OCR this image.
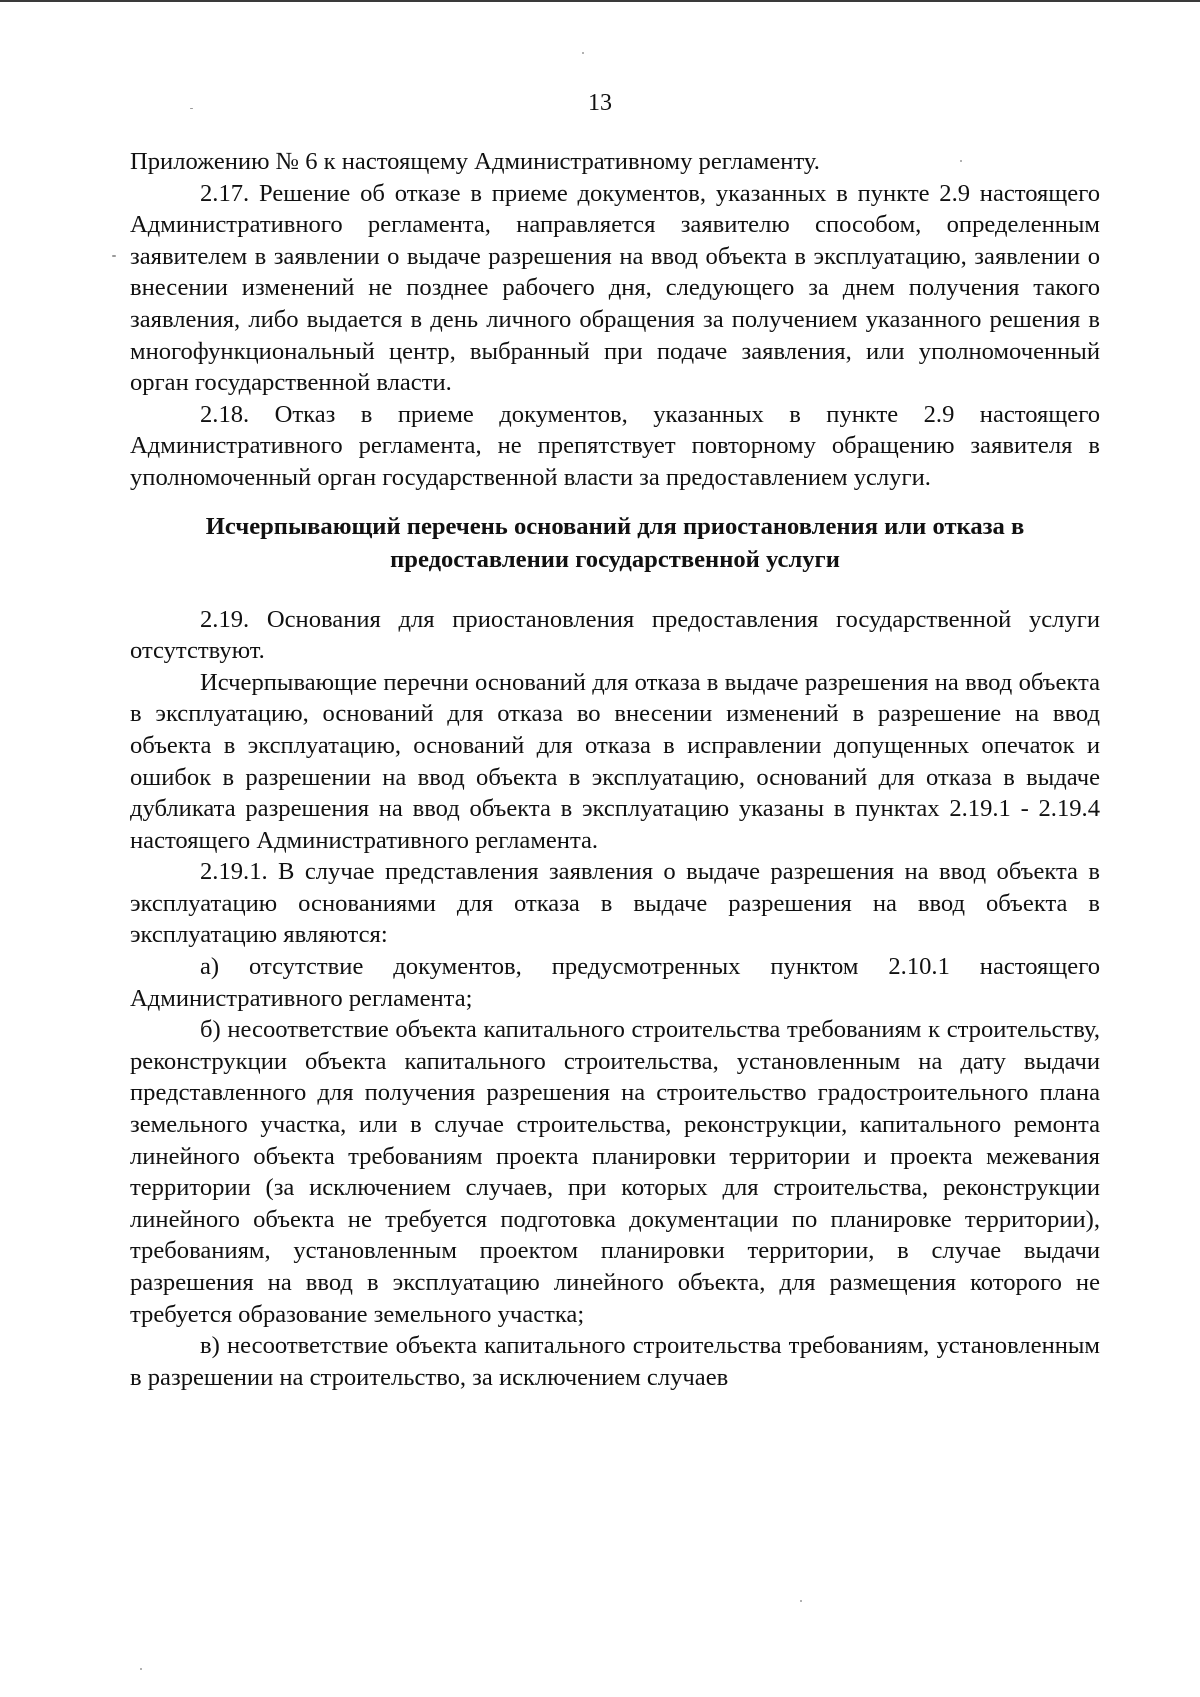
13

Приложению № 6 к настоящему Административному регламенту.

2.17. Решение об отказе в приеме документов, указанных в пункте 2.9 настоящего Административного регламента, направляется заявителю способом, определенным заявителем в заявлении о выдаче разрешения на ввод объекта в эксплуатацию, заявлении о внесении изменений не позднее рабочего дня, следующего за днем получения такого заявления, либо выдается в день личного обращения за получением указанного решения в многофункциональный центр, выбранный при подаче заявления, или уполномоченный орган государственной власти.

2.18. Отказ в приеме документов, указанных в пункте 2.9 настоящего Административного регламента, не препятствует повторному обращению заявителя в уполномоченный орган государственной власти за предоставлением услуги.

Исчерпывающий перечень оснований для приостановления или отказа в предоставлении государственной услуги

2.19. Основания для приостановления предоставления государственной услуги отсутствуют.

Исчерпывающие перечни оснований для отказа в выдаче разрешения на ввод объекта в эксплуатацию, оснований для отказа во внесении изменений в разрешение на ввод объекта в эксплуатацию, оснований для отказа в исправлении допущенных опечаток и ошибок в разрешении на ввод объекта в эксплуатацию, оснований для отказа в выдаче дубликата разрешения на ввод объекта в эксплуатацию указаны в пунктах 2.19.1 - 2.19.4 настоящего Административного регламента.

2.19.1. В случае представления заявления о выдаче разрешения на ввод объекта в эксплуатацию основаниями для отказа в выдаче разрешения на ввод объекта в эксплуатацию являются:

а) отсутствие документов, предусмотренных пунктом 2.10.1 настоящего Административного регламента;

б) несоответствие объекта капитального строительства требованиям к строительству, реконструкции объекта капитального строительства, установленным на дату выдачи представленного для получения разрешения на строительство градостроительного плана земельного участка, или в случае строительства, реконструкции, капитального ремонта линейного объекта требованиям проекта планировки территории и проекта межевания территории (за исключением случаев, при которых для строительства, реконструкции линейного объекта не требуется подготовка документации по планировке территории), требованиям, установленным проектом планировки территории, в случае выдачи разрешения на ввод в эксплуатацию линейного объекта, для размещения которого не требуется образование земельного участка;

в) несоответствие объекта капитального строительства требованиям, установленным в разрешении на строительство, за исключением случаев
